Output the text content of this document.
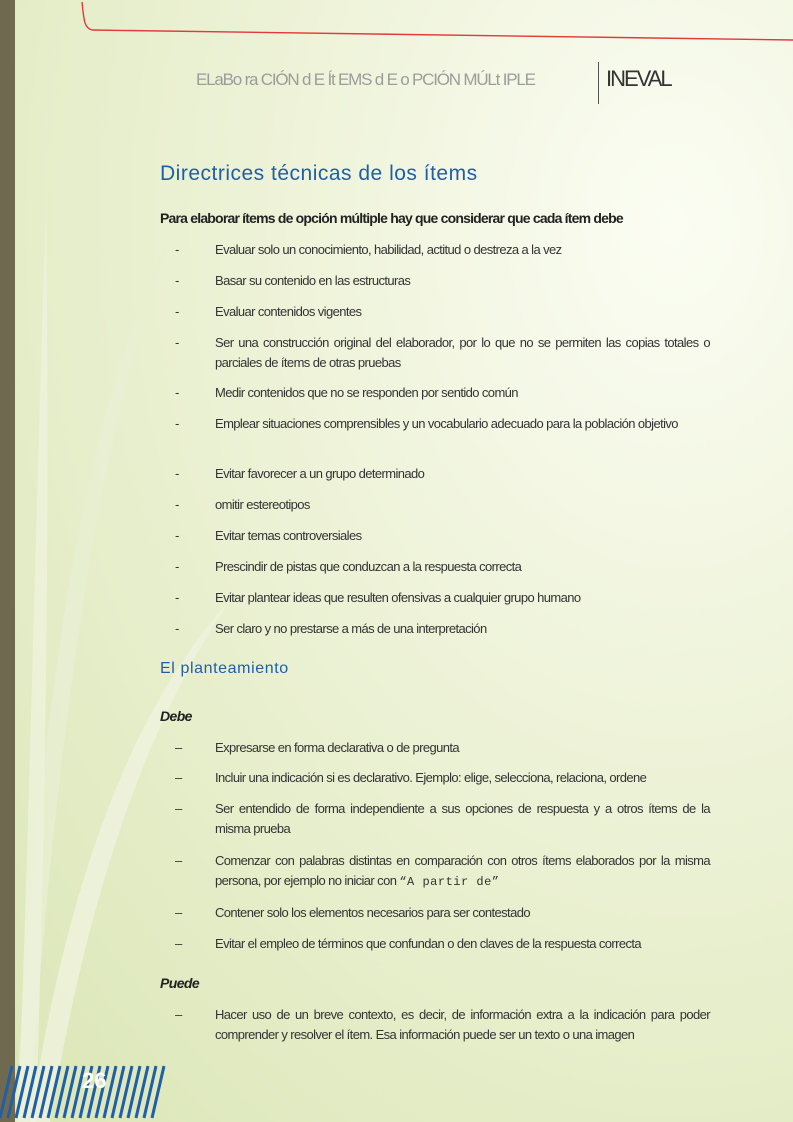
ELaBo ra CIÓN d E Ít EMS d E o PCIÓN MÚLt IPLE	INEVAL
Directrices técnicas de los ítems
Para elaborar ítems de opción múltiple hay que considerar que cada ítem debe
-	Evaluar solo un conocimiento, habilidad, actitud o destreza a la vez
-	Basar su contenido en las estructuras
-	Evaluar contenidos vigentes
-	Ser una construcción original del elaborador, por lo que no se permiten las copias totales o parciales de ítems de otras pruebas
-	Medir contenidos que no se responden por sentido común
-	Emplear situaciones comprensibles y un vocabulario adecuado para la población objetivo
-	Evitar favorecer a un grupo determinado
-	omitir estereotipos
-	Evitar temas controversiales
-	Prescindir de pistas que conduzcan a la respuesta correcta
-	Evitar plantear ideas que resulten ofensivas a cualquier grupo humano
-	Ser claro y no prestarse a más de una interpretación
El planteamiento
Debe
–	Expresarse en forma declarativa o de pregunta
–	Incluir una indicación si es declarativo. Ejemplo: elige, selecciona, relaciona, ordene
–	Ser entendido de forma independiente a sus opciones de respuesta y a otros ítems de la misma prueba
–	Comenzar con palabras distintas en comparación con otros ítems elaborados por la misma persona, por ejemplo no iniciar con “A partir de”
–	Contener solo los elementos necesarios para ser contestado
–	Evitar el empleo de términos que confundan o den claves de la respuesta correcta
Puede
–	Hacer uso de un breve contexto, es decir, de información extra a la indicación para poder comprender y resolver el ítem. Esa información puede ser un texto o una imagen
26
